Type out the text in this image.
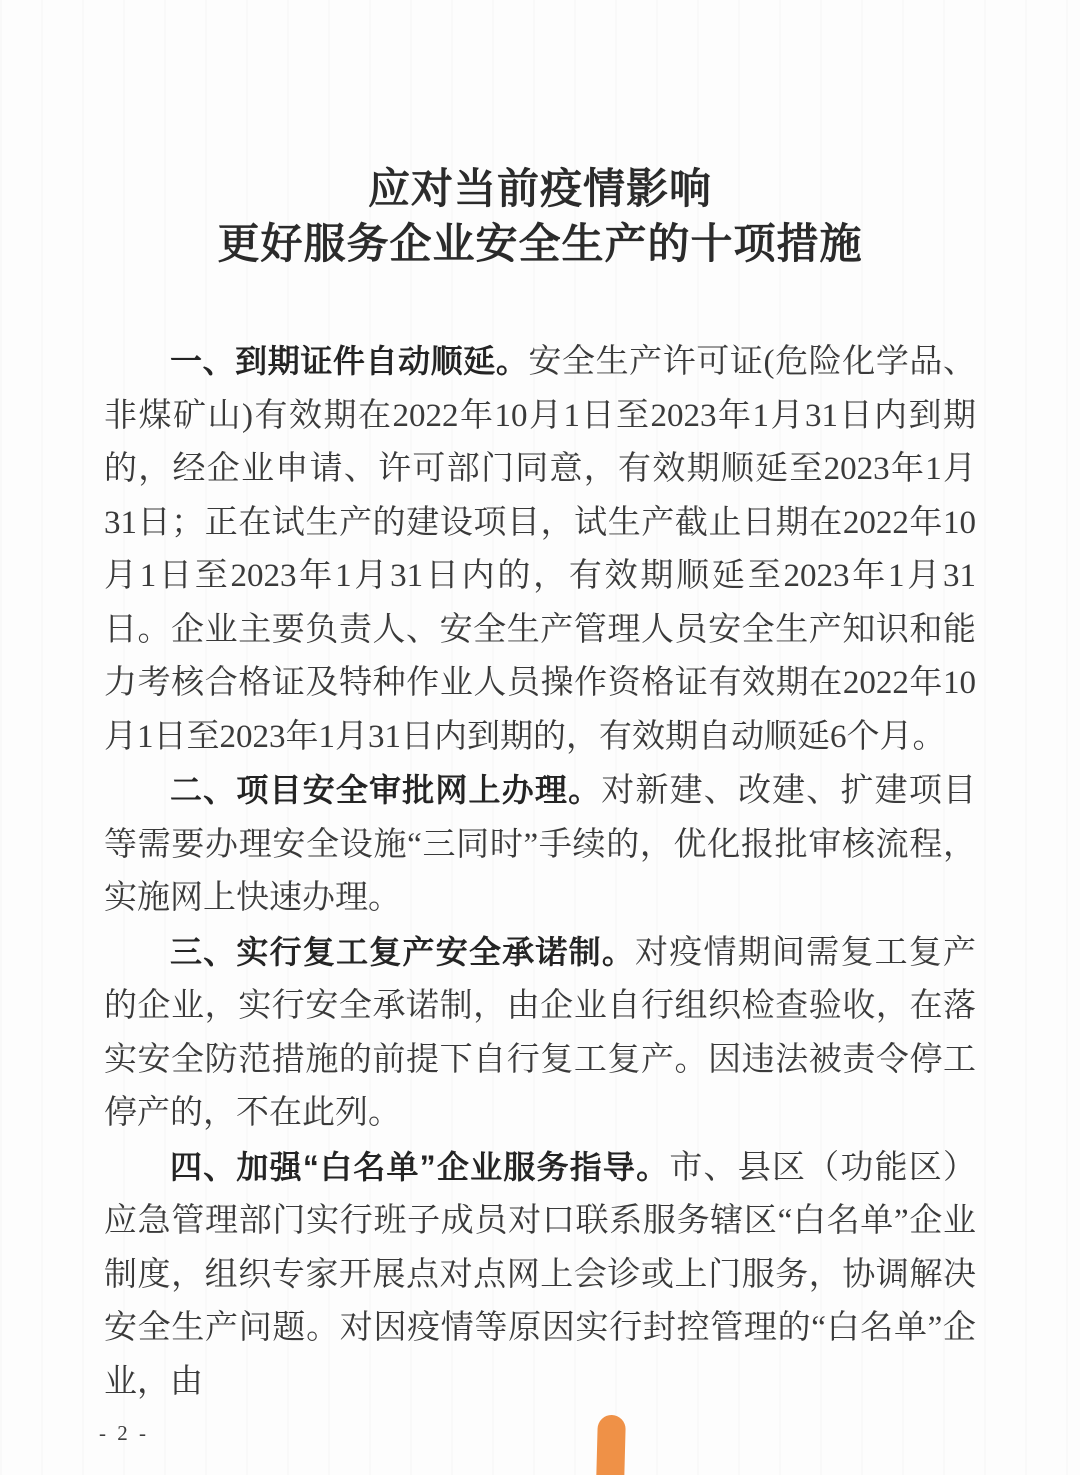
应对当前疫情影响
更好服务企业安全生产的十项措施

一、到期证件自动顺延。安全生产许可证(危险化学品、非煤矿山)有效期在2022年10月1日至2023年1月31日内到期的，经企业申请、许可部门同意，有效期顺延至2023年1月31日；正在试生产的建设项目，试生产截止日期在2022年10月1日至2023年1月31日内的，有效期顺延至2023年1月31日。企业主要负责人、安全生产管理人员安全生产知识和能力考核合格证及特种作业人员操作资格证有效期在2022年10月1日至2023年1月31日内到期的，有效期自动顺延6个月。

二、项目安全审批网上办理。对新建、改建、扩建项目等需要办理安全设施“三同时”手续的，优化报批审核流程，实施网上快速办理。

三、实行复工复产安全承诺制。对疫情期间需复工复产的企业，实行安全承诺制，由企业自行组织检查验收，在落实安全防范措施的前提下自行复工复产。因违法被责令停工停产的，不在此列。

四、加强“白名单”企业服务指导。市、县区（功能区）应急管理部门实行班子成员对口联系服务辖区“白名单”企业制度，组织专家开展点对点网上会诊或上门服务，协调解决安全生产问题。对因疫情等原因实行封控管理的“白名单”企业，由

- 2 -
